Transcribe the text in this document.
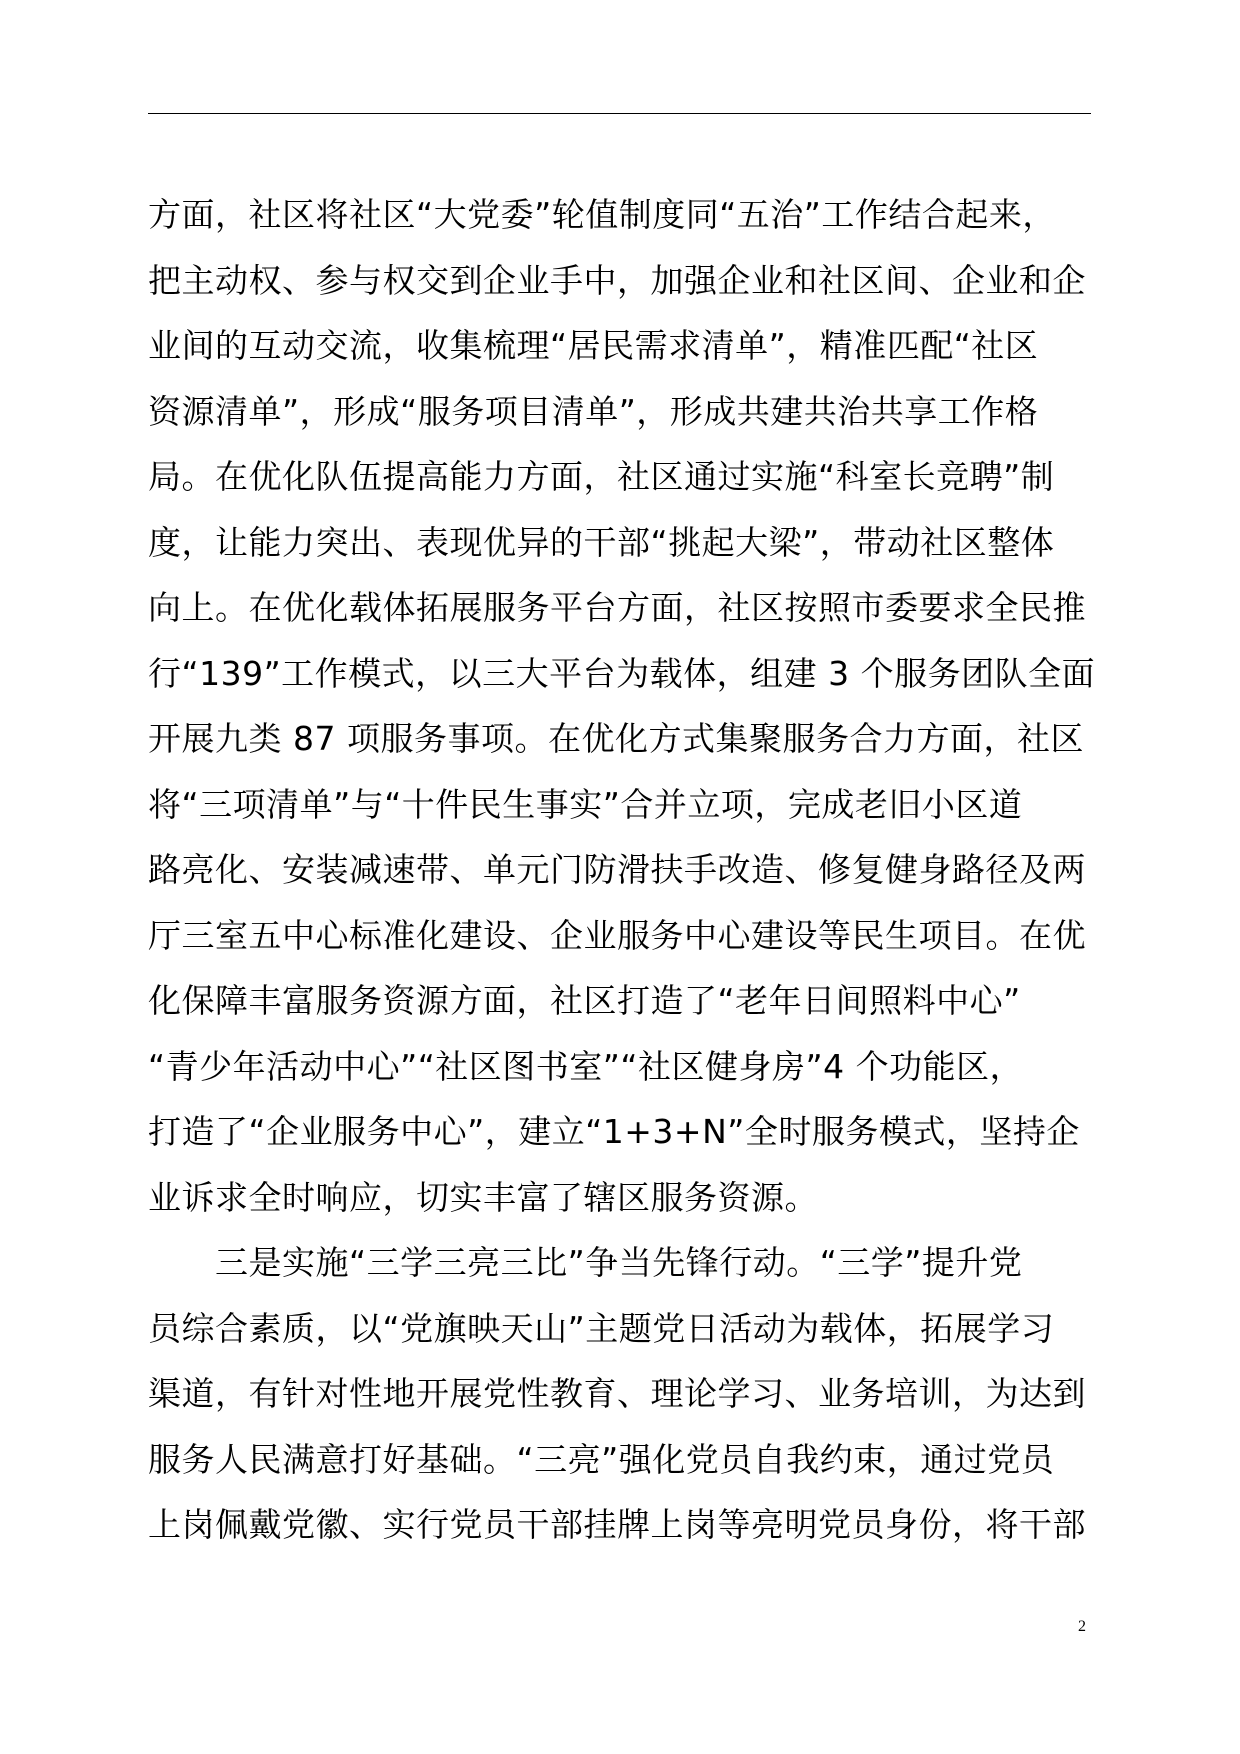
方面，社区将社区“大党委”轮值制度同“五治”工作结合起来，
把主动权、参与权交到企业手中，加强企业和社区间、企业和企
业间的互动交流，收集梳理“居民需求清单”，精准匹配“社区
资源清单”，形成“服务项目清单”，形成共建共治共享工作格
局。在优化队伍提高能力方面，社区通过实施“科室长竞聘”制
度，让能力突出、表现优异的干部“挑起大梁”，带动社区整体
向上。在优化载体拓展服务平台方面，社区按照市委要求全民推
行“139”工作模式，以三大平台为载体，组建 3 个服务团队全面
开展九类 87 项服务事项。在优化方式集聚服务合力方面，社区
将“三项清单”与“十件民生事实”合并立项，完成老旧小区道
路亮化、安装减速带、单元门防滑扶手改造、修复健身路径及两
厅三室五中心标准化建设、企业服务中心建设等民生项目。在优
化保障丰富服务资源方面，社区打造了“老年日间照料中心”
“青少年活动中心”“社区图书室”“社区健身房”4 个功能区，
打造了“企业服务中心”，建立“1+3+N”全时服务模式，坚持企
业诉求全时响应，切实丰富了辖区服务资源。
三是实施“三学三亮三比”争当先锋行动。“三学”提升党
员综合素质，以“党旗映天山”主题党日活动为载体，拓展学习
渠道，有针对性地开展党性教育、理论学习、业务培训，为达到
服务人民满意打好基础。“三亮”强化党员自我约束，通过党员
上岗佩戴党徽、实行党员干部挂牌上岗等亮明党员身份，将干部
2
